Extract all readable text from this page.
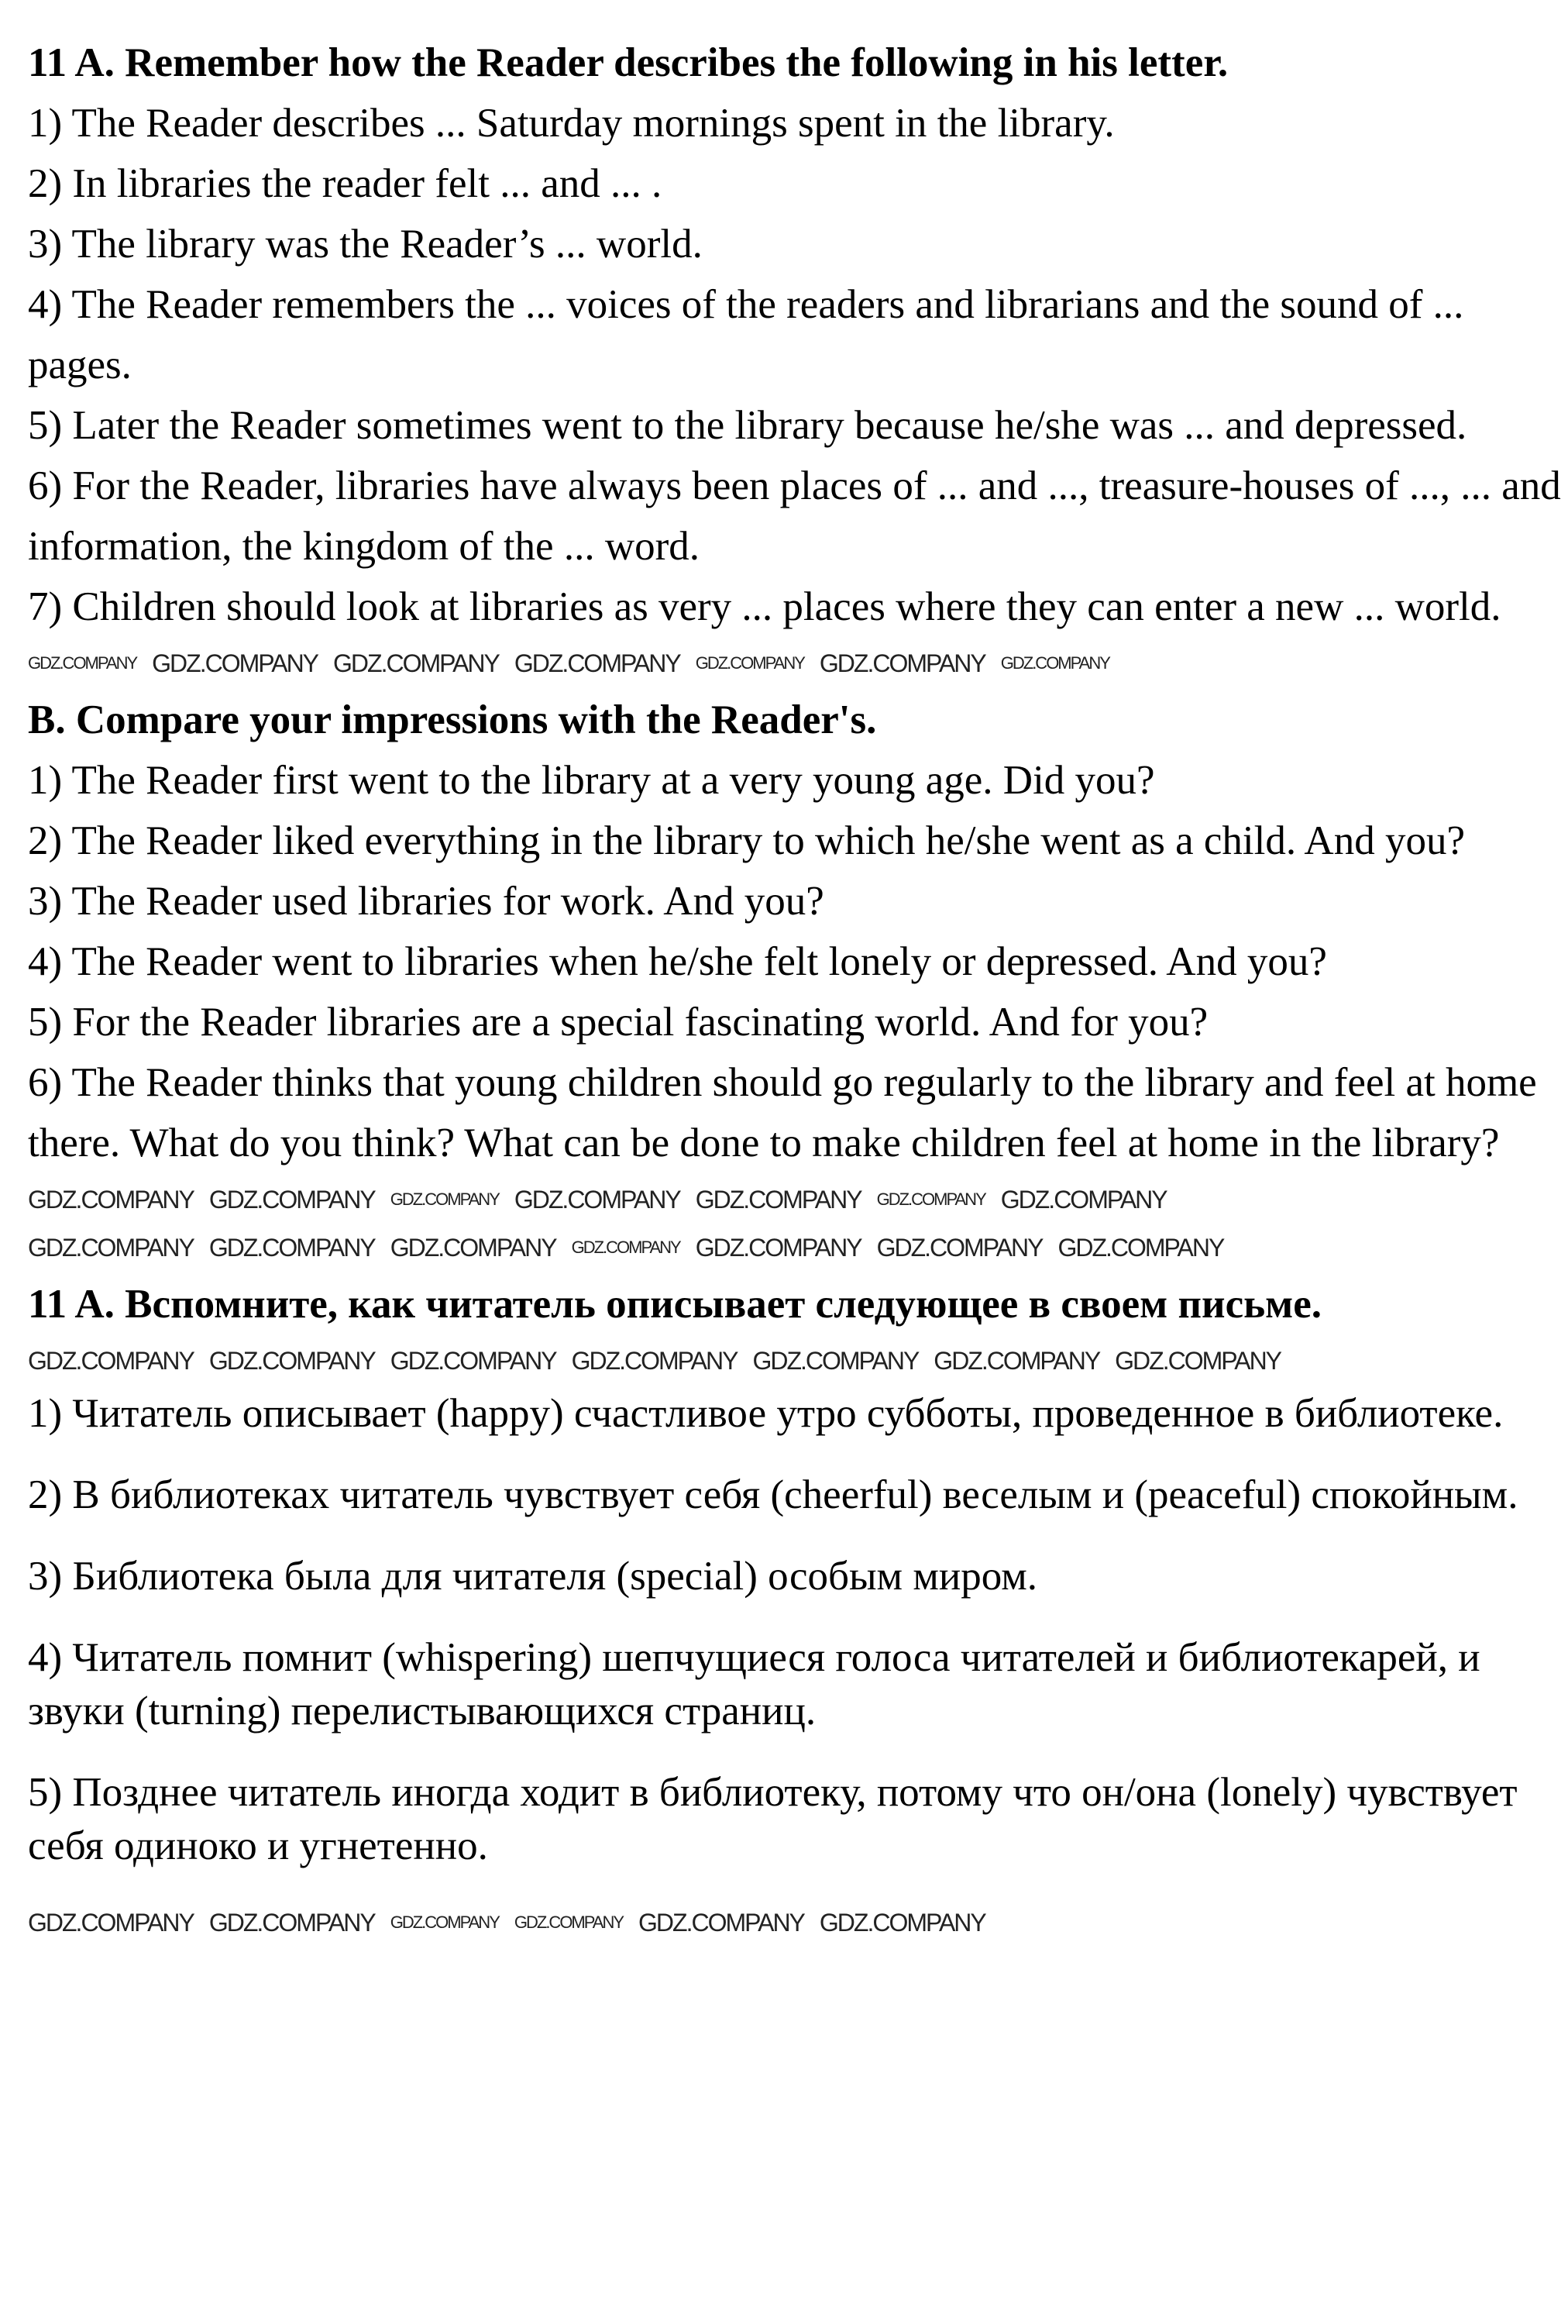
11 A. Remember how the Reader describes the following in his letter.
1) The Reader describes ... Saturday mornings spent in the library.
2) In libraries the reader felt ... and ... .
3) The library was the Reader’s ... world.
4) The Reader remembers the ... voices of the readers and librarians and the sound of ... pages.
5) Later the Reader sometimes went to the library because he/she was ... and depressed.
6) For the Reader, libraries have always been places of ... and ..., treasure-houses of ..., ... and information, the kingdom of the ... word.
7) Children should look at libraries as very ... places where they can enter a new ... world.
GDZ.COMPANY GDZ.COMPANY GDZ.COMPANY GDZ.COMPANY GDZ.COMPANY GDZ.COMPANY GDZ.COMPANY
B. Compare your impressions with the Reader's.
1) The Reader first went to the library at a very young age. Did you?
2) The Reader liked everything in the library to which he/she went as a child. And you?
3) The Reader used libraries for work. And you?
4) The Reader went to libraries when he/she felt lonely or depressed. And you?
5) For the Reader libraries are a special fascinating world. And for you?
6) The Reader thinks that young children should go regularly to the library and feel at home there. What do you think? What can be done to make children feel at home in the library?
GDZ.COMPANY GDZ.COMPANY GDZ.COMPANY GDZ.COMPANY GDZ.COMPANY GDZ.COMPANY GDZ.COMPANY
GDZ.COMPANY GDZ.COMPANY GDZ.COMPANY GDZ.COMPANY GDZ.COMPANY GDZ.COMPANY GDZ.COMPANY
11 A. Вспомните, как читатель описывает следующее в своем письме.
GDZ.COMPANY GDZ.COMPANY GDZ.COMPANY GDZ.COMPANY GDZ.COMPANY GDZ.COMPANY GDZ.COMPANY
1) Читатель описывает (happy) счастливое утро субботы, проведенное в библиотеке.
2) В библиотеках читатель чувствует себя (cheerful) веселым и (peaceful) спокойным.
3) Библиотека была для читателя (special) особым миром.
4) Читатель помнит (whispering) шепчущиеся голоса читателей и библиотекарей, и звуки (turning) перелистывающихся страниц.
5) Позднее читатель иногда ходит в библиотеку, потому что он/она (lonely) чувствует себя одиноко и угнетенно.
GDZ.COMPANY GDZ.COMPANY GDZ.COMPANY GDZ.COMPANY GDZ.COMPANY GDZ.COMPANY
